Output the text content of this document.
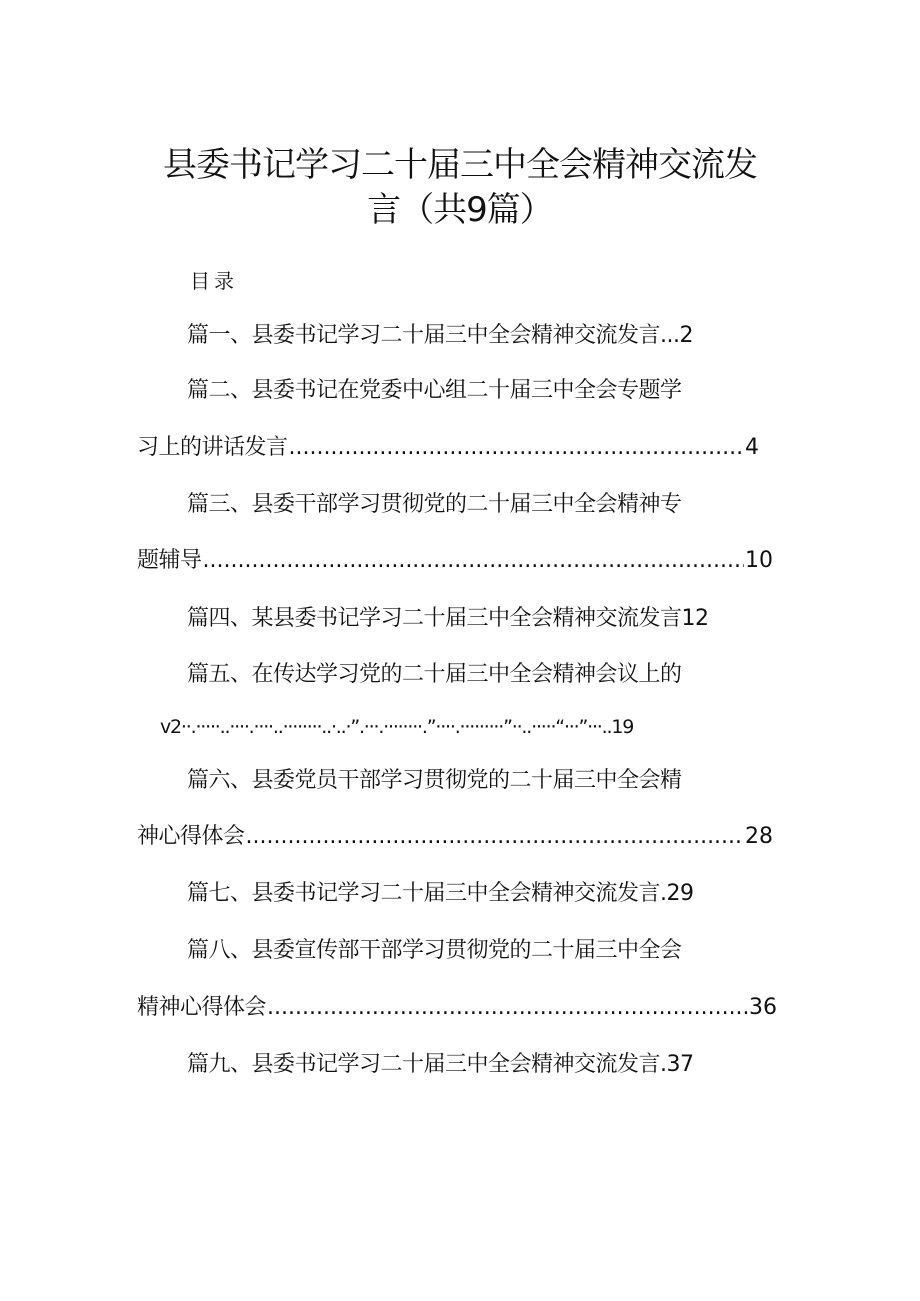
县委书记学习二十届三中全会精神交流发
言（共9篇）
目录
篇一、县委书记学习二十届三中全会精神交流发言...2
篇二、县委书记在党委中心组二十届三中全会专题学
习上的讲话发言 .....	4
篇三、县委干部学习贯彻党的二十届三中全会精神专
题辅导 .....	10
篇四、某县委书记学习二十届三中全会精神交流发言12
篇五、在传达学习党的二十届三中全会精神会议上的
v2··.·····..····.····..········..·..·”.···.········.”····.·········”··..·····“···”···..19
篇六、县委党员干部学习贯彻党的二十届三中全会精
神心得体会 .....	28
篇七、县委书记学习二十届三中全会精神交流发言.29
篇八、县委宣传部干部学习贯彻党的二十届三中全会
精神心得体会 .....	36
篇九、县委书记学习二十届三中全会精神交流发言.37
